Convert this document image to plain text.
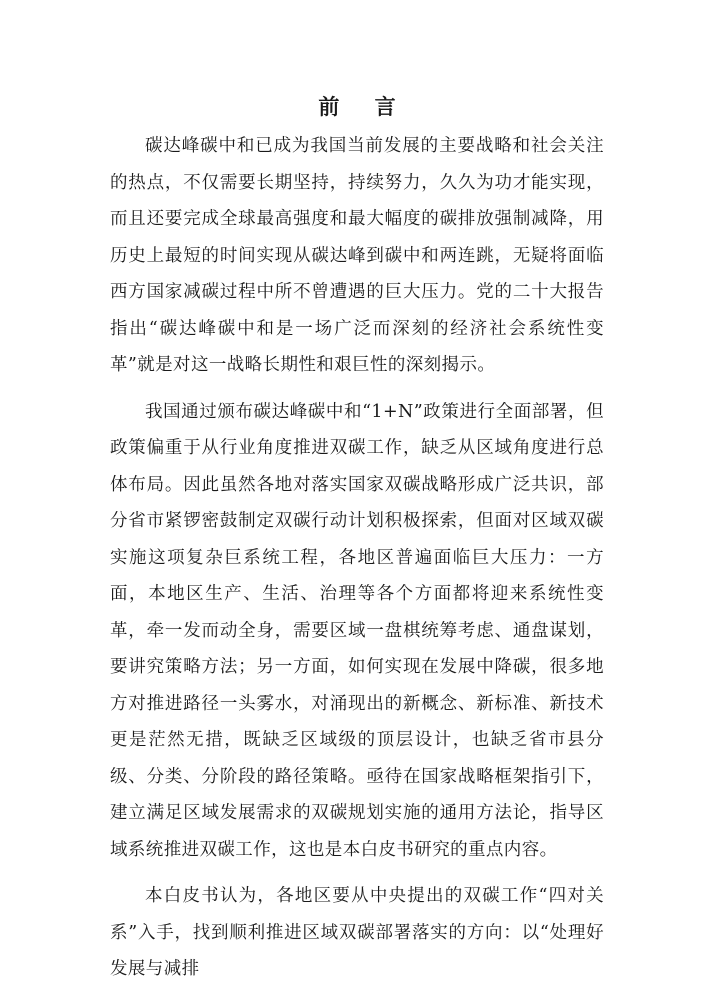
前 言

碳达峰碳中和已成为我国当前发展的主要战略和社会关注的热点，不仅需要长期坚持，持续努力，久久为功才能实现，而且还要完成全球最高强度和最大幅度的碳排放强制减降，用历史上最短的时间实现从碳达峰到碳中和两连跳，无疑将面临西方国家减碳过程中所不曾遭遇的巨大压力。党的二十大报告指出“碳达峰碳中和是一场广泛而深刻的经济社会系统性变革”就是对这一战略长期性和艰巨性的深刻揭示。

我国通过颁布碳达峰碳中和“1+N”政策进行全面部署，但政策偏重于从行业角度推进双碳工作，缺乏从区域角度进行总体布局。因此虽然各地对落实国家双碳战略形成广泛共识，部分省市紧锣密鼓制定双碳行动计划积极探索，但面对区域双碳实施这项复杂巨系统工程，各地区普遍面临巨大压力：一方面，本地区生产、生活、治理等各个方面都将迎来系统性变革，牵一发而动全身，需要区域一盘棋统筹考虑、通盘谋划，要讲究策略方法；另一方面，如何实现在发展中降碳，很多地方对推进路径一头雾水，对涌现出的新概念、新标准、新技术更是茫然无措，既缺乏区域级的顶层设计，也缺乏省市县分级、分类、分阶段的路径策略。亟待在国家战略框架指引下，建立满足区域发展需求的双碳规划实施的通用方法论，指导区域系统推进双碳工作，这也是本白皮书研究的重点内容。

本白皮书认为，各地区要从中央提出的双碳工作“四对关系”入手，找到顺利推进区域双碳部署落实的方向：以“处理好发展与减排
